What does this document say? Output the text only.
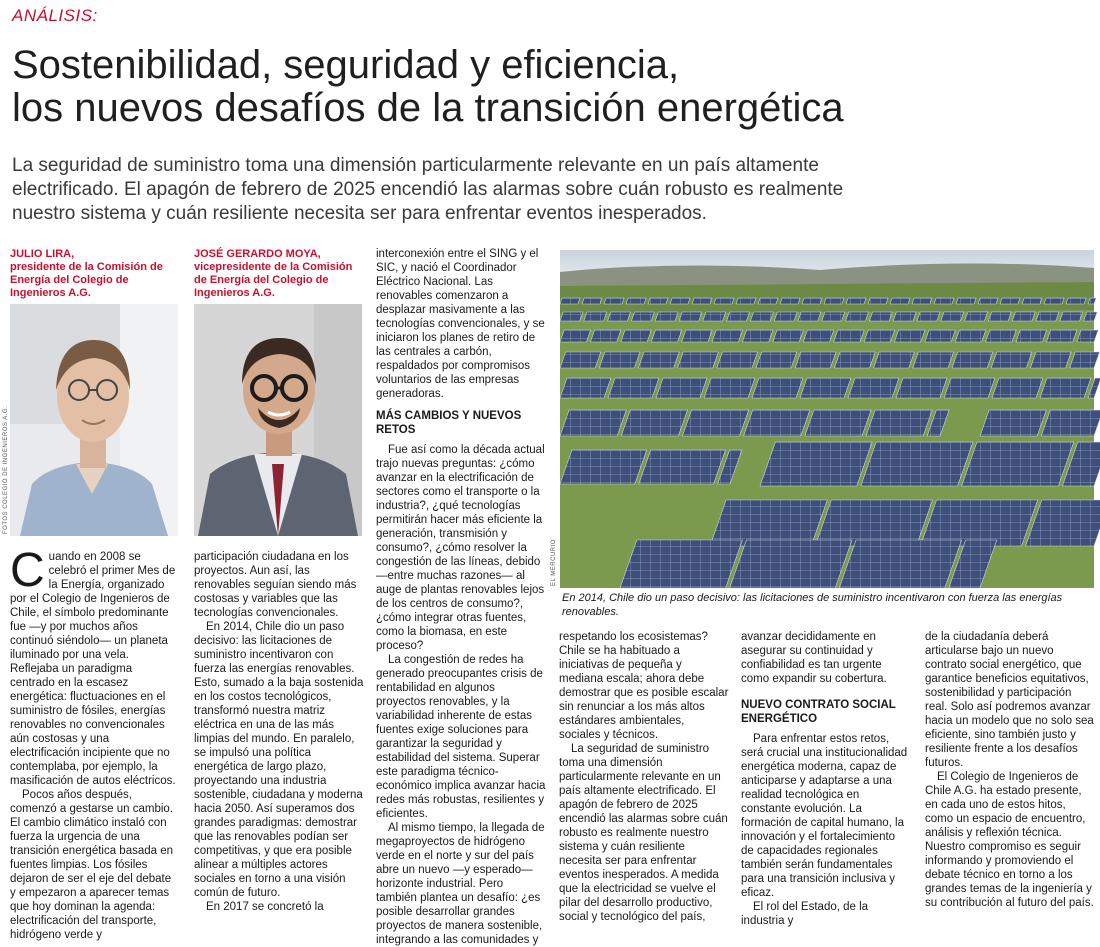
ANÁLISIS:
Sostenibilidad, seguridad y eficiencia,
los nuevos desafíos de la transición energética
La seguridad de suministro toma una dimensión particularmente relevante en un país altamente
electrificado. El apagón de febrero de 2025 encendió las alarmas sobre cuán robusto es realmente
nuestro sistema y cuán resiliente necesita ser para enfrentar eventos inesperados.
JULIO LIRA,
presidente de la Comisión de Energía del Colegio de Ingenieros A.G.
JOSÉ GERARDO MOYA,
vicepresidente de la Comisión de Energía del Colegio de Ingenieros A.G.
FOTOS COLEGIO DE INGENIEROS A.G.
EL MERCURIO
En 2014, Chile dio un paso decisivo: las licitaciones de suministro incentivaron con fuerza las energías renovables.

Cuando en 2008 se celebró el primer Mes de la Energía, organizado por el Colegio de Ingenieros de Chile, el símbolo predominante fue —y por muchos años continuó siéndolo— un planeta iluminado por una vela. Reflejaba un paradigma centrado en la escasez energética: fluctuaciones en el suministro de fósiles, energías renovables no convencionales aún costosas y una electrificación incipiente que no contemplaba, por ejemplo, la masificación de autos eléctricos.

Pocos años después, comenzó a gestarse un cambio. El cambio climático instaló con fuerza la urgencia de una transición energética basada en fuentes limpias. Los fósiles dejaron de ser el eje del debate y empezaron a aparecer temas que hoy dominan la agenda: electrificación del transporte, hidrógeno verde y

participación ciudadana en los proyectos. Aun así, las renovables seguían siendo más costosas y variables que las tecnologías convencionales.

En 2014, Chile dio un paso decisivo: las licitaciones de suministro incentivaron con fuerza las energías renovables. Esto, sumado a la baja sostenida en los costos tecnológicos, transformó nuestra matriz eléctrica en una de las más limpias del mundo. En paralelo, se impulsó una política energética de largo plazo, proyectando una industria sostenible, ciudadana y moderna hacia 2050. Así superamos dos grandes paradigmas: demostrar que las renovables podían ser competitivas, y que era posible alinear a múltiples actores sociales en torno a una visión común de futuro.

En 2017 se concretó la

interconexión entre el SING y el SIC, y nació el Coordinador Eléctrico Nacional. Las renovables comenzaron a desplazar masivamente a las tecnologías convencionales, y se iniciaron los planes de retiro de las centrales a carbón, respaldados por compromisos voluntarios de las empresas generadoras.

MÁS CAMBIOS Y NUEVOS RETOS

Fue así como la década actual trajo nuevas preguntas: ¿cómo avanzar en la electrificación de sectores como el transporte o la industria?, ¿qué tecnologías permitirán hacer más eficiente la generación, transmisión y consumo?, ¿cómo resolver la congestión de las líneas, debido —entre muchas razones— al auge de plantas renovables lejos de los centros de consumo?, ¿cómo integrar otras fuentes, como la biomasa, en este proceso?

La congestión de redes ha generado preocupantes crisis de rentabilidad en algunos proyectos renovables, y la variabilidad inherente de estas fuentes exige soluciones para garantizar la seguridad y estabilidad del sistema. Superar este paradigma técnico-económico implica avanzar hacia redes más robustas, resilientes y eficientes.

Al mismo tiempo, la llegada de megaproyectos de hidrógeno verde en el norte y sur del país abre un nuevo —y esperado— horizonte industrial. Pero también plantea un desafío: ¿es posible desarrollar grandes proyectos de manera sostenible, integrando a las comunidades y

respetando los ecosistemas? Chile se ha habituado a iniciativas de pequeña y mediana escala; ahora debe demostrar que es posible escalar sin renunciar a los más altos estándares ambientales, sociales y técnicos.

La seguridad de suministro toma una dimensión particularmente relevante en un país altamente electrificado. El apagón de febrero de 2025 encendió las alarmas sobre cuán robusto es realmente nuestro sistema y cuán resiliente necesita ser para enfrentar eventos inesperados. A medida que la electricidad se vuelve el pilar del desarrollo productivo, social y tecnológico del país,

avanzar decididamente en asegurar su continuidad y confiabilidad es tan urgente como expandir su cobertura.

NUEVO CONTRATO SOCIAL ENERGÉTICO

Para enfrentar estos retos, será crucial una institucionalidad energética moderna, capaz de anticiparse y adaptarse a una realidad tecnológica en constante evolución. La formación de capital humano, la innovación y el fortalecimiento de capacidades regionales también serán fundamentales para una transición inclusiva y eficaz.

El rol del Estado, de la industria y

de la ciudadanía deberá articularse bajo un nuevo contrato social energético, que garantice beneficios equitativos, sostenibilidad y participación real. Solo así podremos avanzar hacia un modelo que no solo sea eficiente, sino también justo y resiliente frente a los desafíos futuros.

El Colegio de Ingenieros de Chile A.G. ha estado presente, en cada uno de estos hitos, como un espacio de encuentro, análisis y reflexión técnica. Nuestro compromiso es seguir informando y promoviendo el debate técnico en torno a los grandes temas de la ingeniería y su contribución al futuro del país.
